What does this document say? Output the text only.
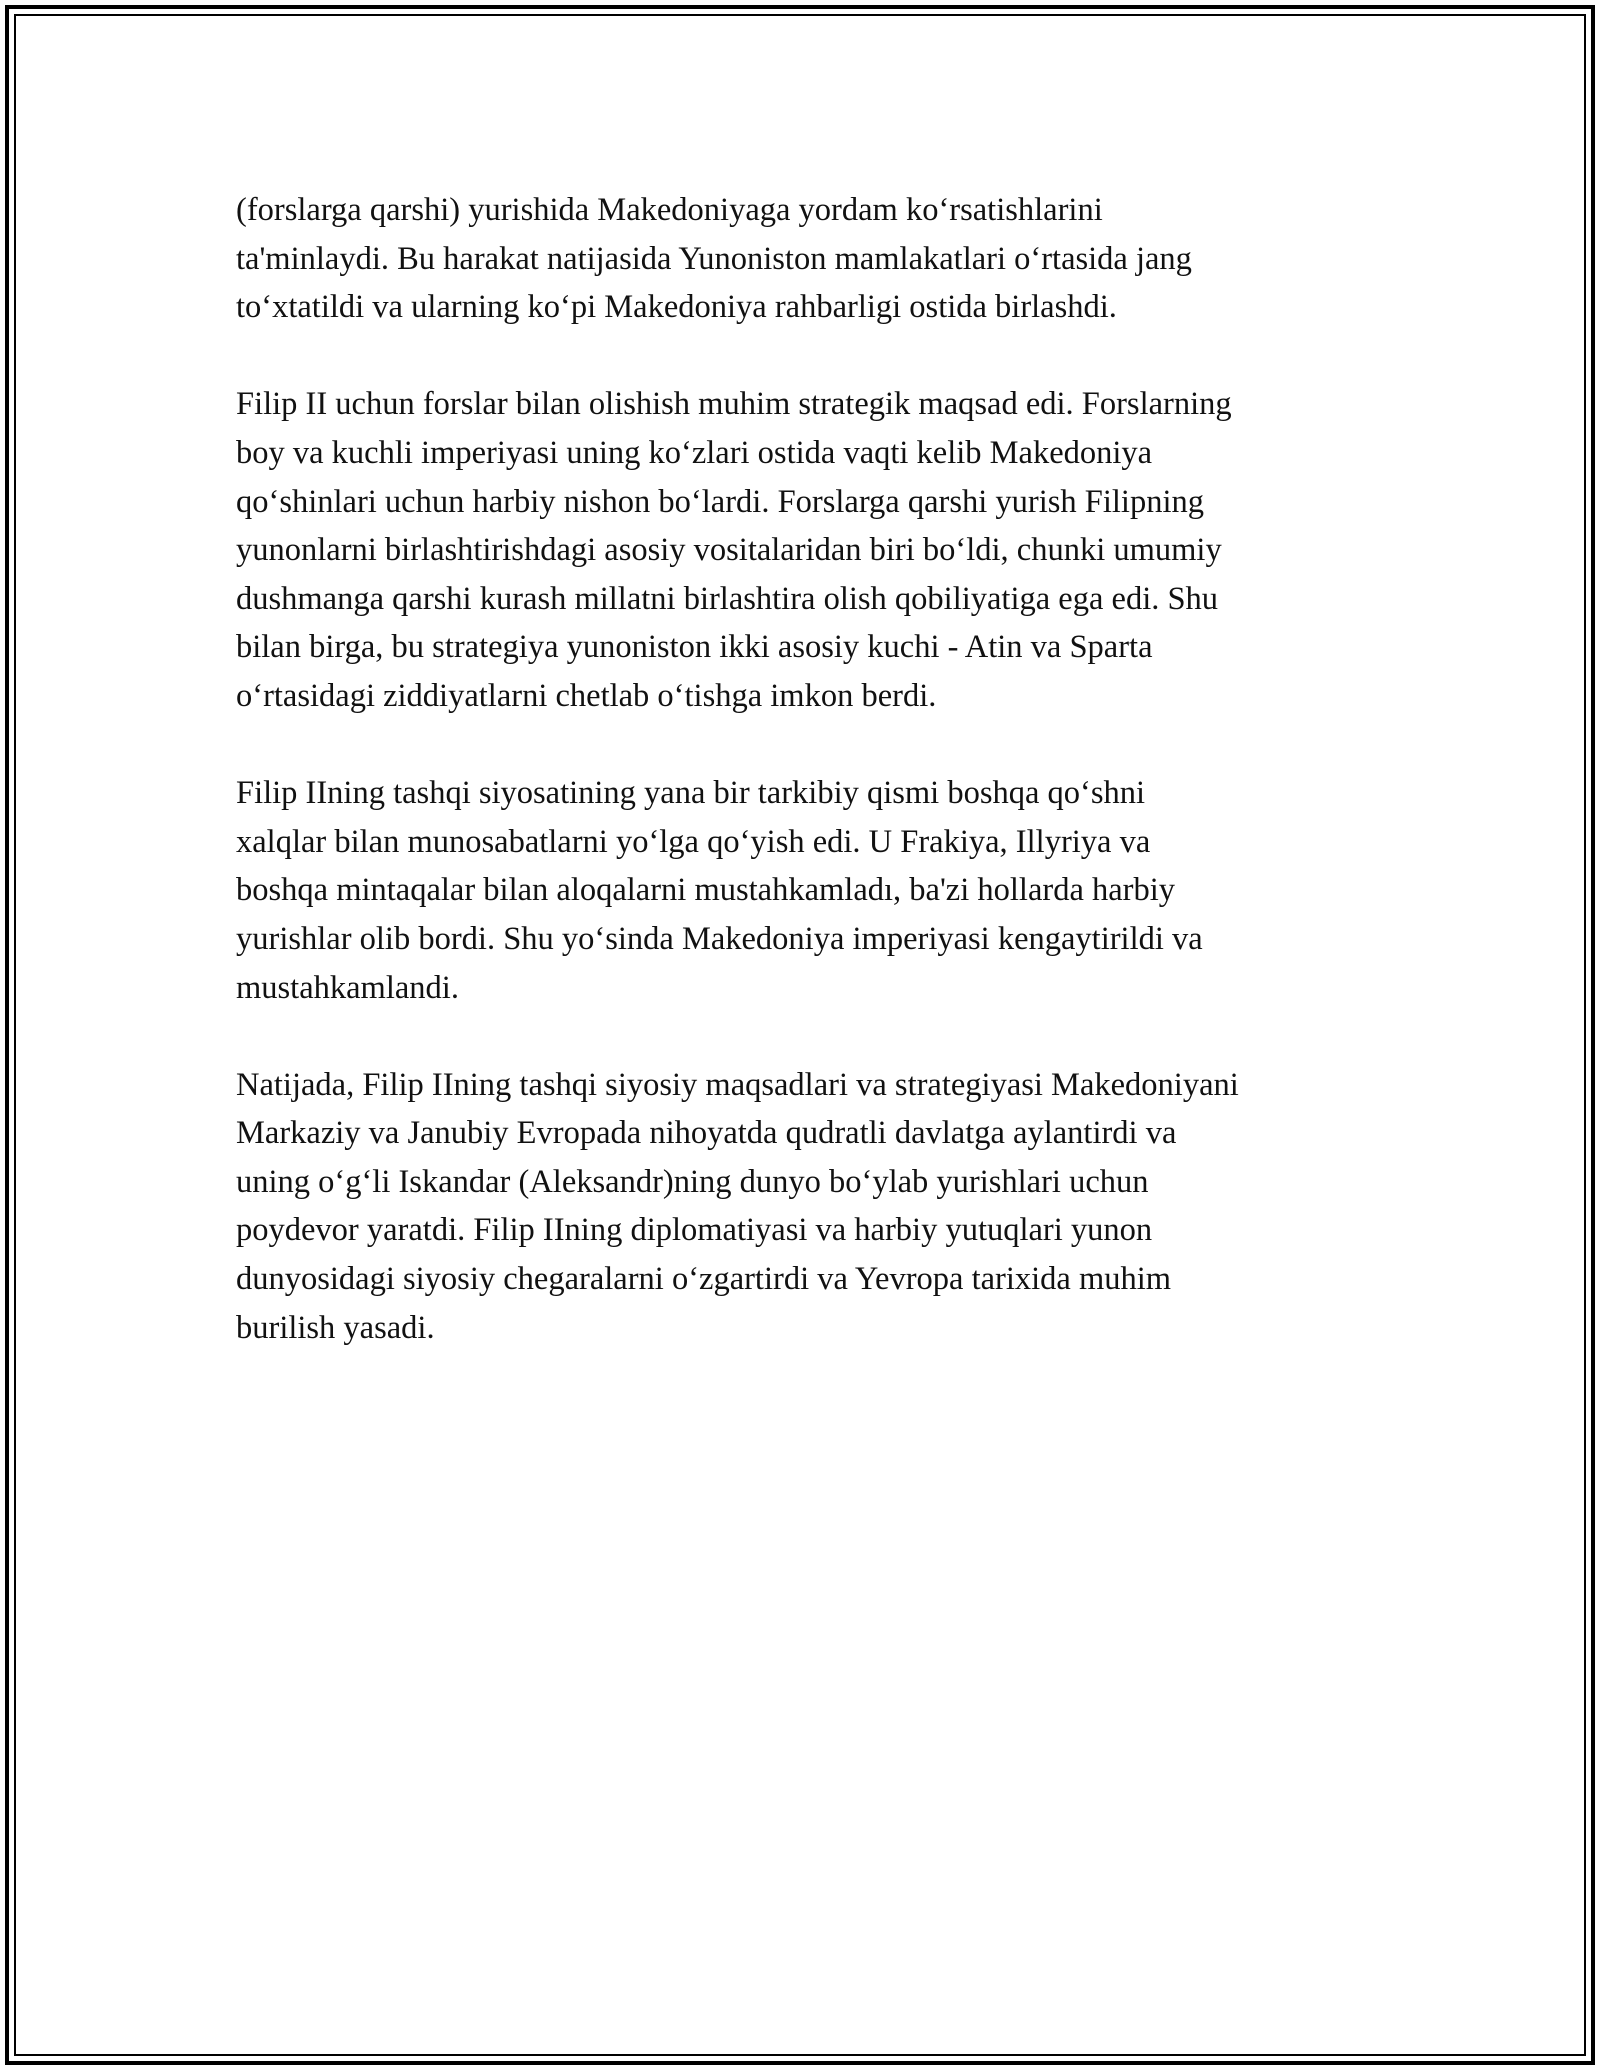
(forslarga qarshi) yurishida Makedoniyaga yordam koʻrsatishlarini
ta'minlaydi. Bu harakat natijasida Yunoniston mamlakatlari oʻrtasida jang
toʻxtatildi va ularning koʻpi Makedoniya rahbarligi ostida birlashdi.

Filip II uchun forslar bilan olishish muhim strategik maqsad edi. Forslarning
boy va kuchli imperiyasi uning koʻzlari ostida vaqti kelib Makedoniya
qoʻshinlari uchun harbiy nishon boʻlardi. Forslarga qarshi yurish Filipning
yunonlarni birlashtirishdagi asosiy vositalaridan biri boʻldi, chunki umumiy
dushmanga qarshi kurash millatni birlashtira olish qobiliyatiga ega edi. Shu
bilan birga, bu strategiya yunoniston ikki asosiy kuchi - Atin va Sparta
oʻrtasidagi ziddiyatlarni chetlab oʻtishga imkon berdi.

Filip IIning tashqi siyosatining yana bir tarkibiy qismi boshqa qoʻshni
xalqlar bilan munosabatlarni yoʻlga qoʻyish edi. U Frakiya, Illyriya va
boshqa mintaqalar bilan aloqalarni mustahkamladı, ba'zi hollarda harbiy
yurishlar olib bordi. Shu yoʻsinda Makedoniya imperiyasi kengaytirildi va
mustahkamlandi.

Natijada, Filip IIning tashqi siyosiy maqsadlari va strategiyasi Makedoniyani
Markaziy va Janubiy Evropada nihoyatda qudratli davlatga aylantirdi va
uning oʻgʻli Iskandar (Aleksandr)ning dunyo boʻylab yurishlari uchun
poydevor yaratdi. Filip IIning diplomatiyasi va harbiy yutuqlari yunon
dunyosidagi siyosiy chegaralarni oʻzgartirdi va Yevropa tarixida muhim
burilish yasadi.
